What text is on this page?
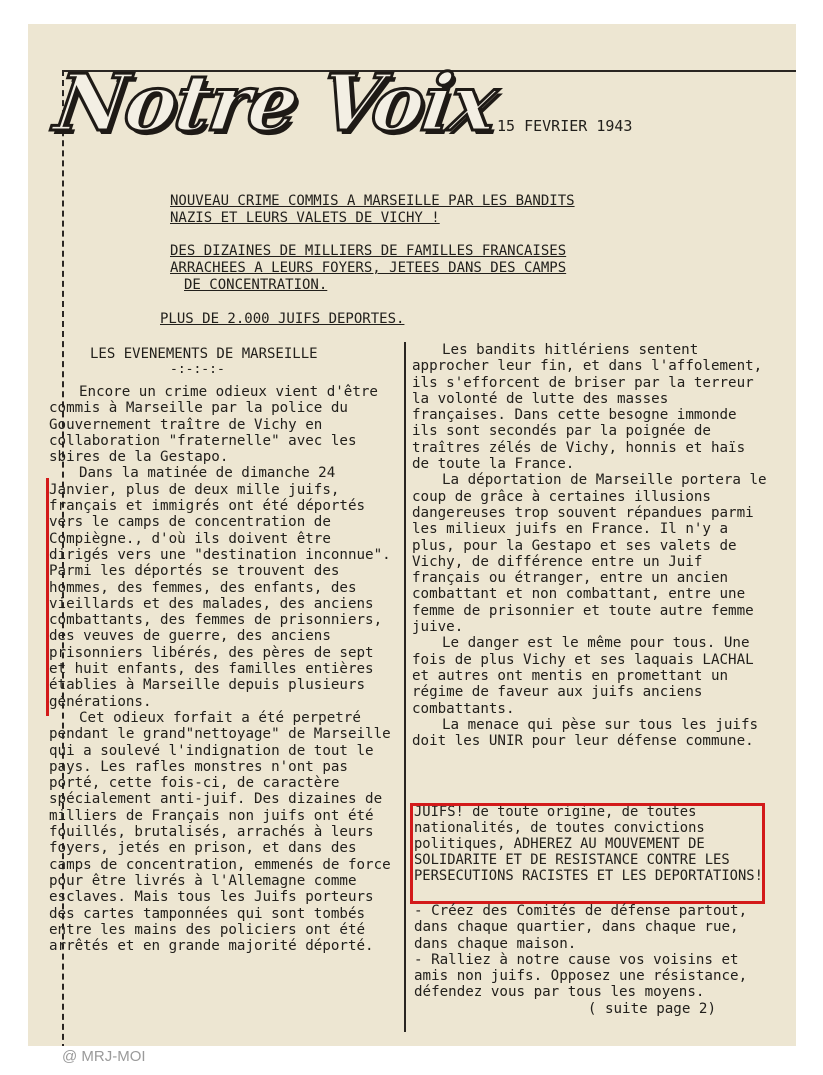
Notre Voix
15 FEVRIER 1943
NOUVEAU CRIME COMMIS A MARSEILLE PAR LES BANDITS
NAZIS ET LEURS VALETS DE VICHY !
DES DIZAINES DE MILLIERS DE FAMILLES FRANCAISES
ARRACHEES A LEURS FOYERS, JETEES DANS DES CAMPS
DE CONCENTRATION.
PLUS DE 2.000 JUIFS DEPORTES.
LES EVENEMENTS DE MARSEILLE
-:-:-:-

Encore un crime odieux vient d'être commis à Marseille par la police du Gouvernement traître de Vichy en collaboration "fraternelle" avec les sbires de la Gestapo.

Dans la matinée de dimanche 24 Janvier, plus de deux mille juifs, français et immigrés ont été déportés vers le camps de concentration de Compiègne., d'où ils doivent être dirigés vers une "destination inconnue". Parmi les déportés se trouvent des hommes, des femmes, des enfants, des vieillards et des malades, des anciens combattants, des femmes de prisonniers, des veuves de guerre, des anciens prisonniers libérés, des pères de sept et huit enfants, des familles entières établies à Marseille depuis plusieurs générations.

Cet odieux forfait a été perpetré pendant le grand"nettoyage" de Marseille qui a soulevé l'indignation de tout le pays. Les rafles monstres n'ont pas porté, cette fois-ci, de caractère spécialement anti-juif. Des dizaines de milliers de Français non juifs ont été fouillés, brutalisés, arrachés à leurs foyers, jetés en prison, et dans des camps de concentration, emmenés de force pour être livrés à l'Allemagne comme esclaves. Mais tous les Juifs porteurs des cartes tamponnées qui sont tombés entre les mains des policiers ont été arrêtés et en grande majorité déporté.

Les bandits hitlériens sentent approcher leur fin, et dans l'affolement, ils s'efforcent de briser par la terreur la volonté de lutte des masses françaises. Dans cette besogne immonde ils sont secondés par la poignée de traîtres zélés de Vichy, honnis et haïs de toute la France.

La déportation de Marseille portera le coup de grâce à certaines illusions dangereuses trop souvent répandues parmi les milieux juifs en France. Il n'y a plus, pour la Gestapo et ses valets de Vichy, de différence entre un Juif français ou étranger, entre un ancien combattant et non combattant, entre une femme de prisonnier et toute autre femme juive.

Le danger est le même pour tous. Une fois de plus Vichy et ses laquais LACHAL et autres ont mentis en promettant un régime de faveur aux juifs anciens combattants.

La menace qui pèse sur tous les juifs doit les UNIR pour leur défense commune.

JUIFS! de toute origine, de toutes nationalités, de toutes convictions politiques, ADHEREZ AU MOUVEMENT DE SOLIDARITE ET DE RESISTANCE CONTRE LES PERSECUTIONS RACISTES ET LES DEPORTATIONS!

- Créez des Comités de défense partout, dans chaque quartier, dans chaque rue, dans chaque maison.

- Ralliez à notre cause vos voisins et amis non juifs. Opposez une résistance, défendez vous par tous les moyens.

( suite page 2)

@ MRJ-MOI
